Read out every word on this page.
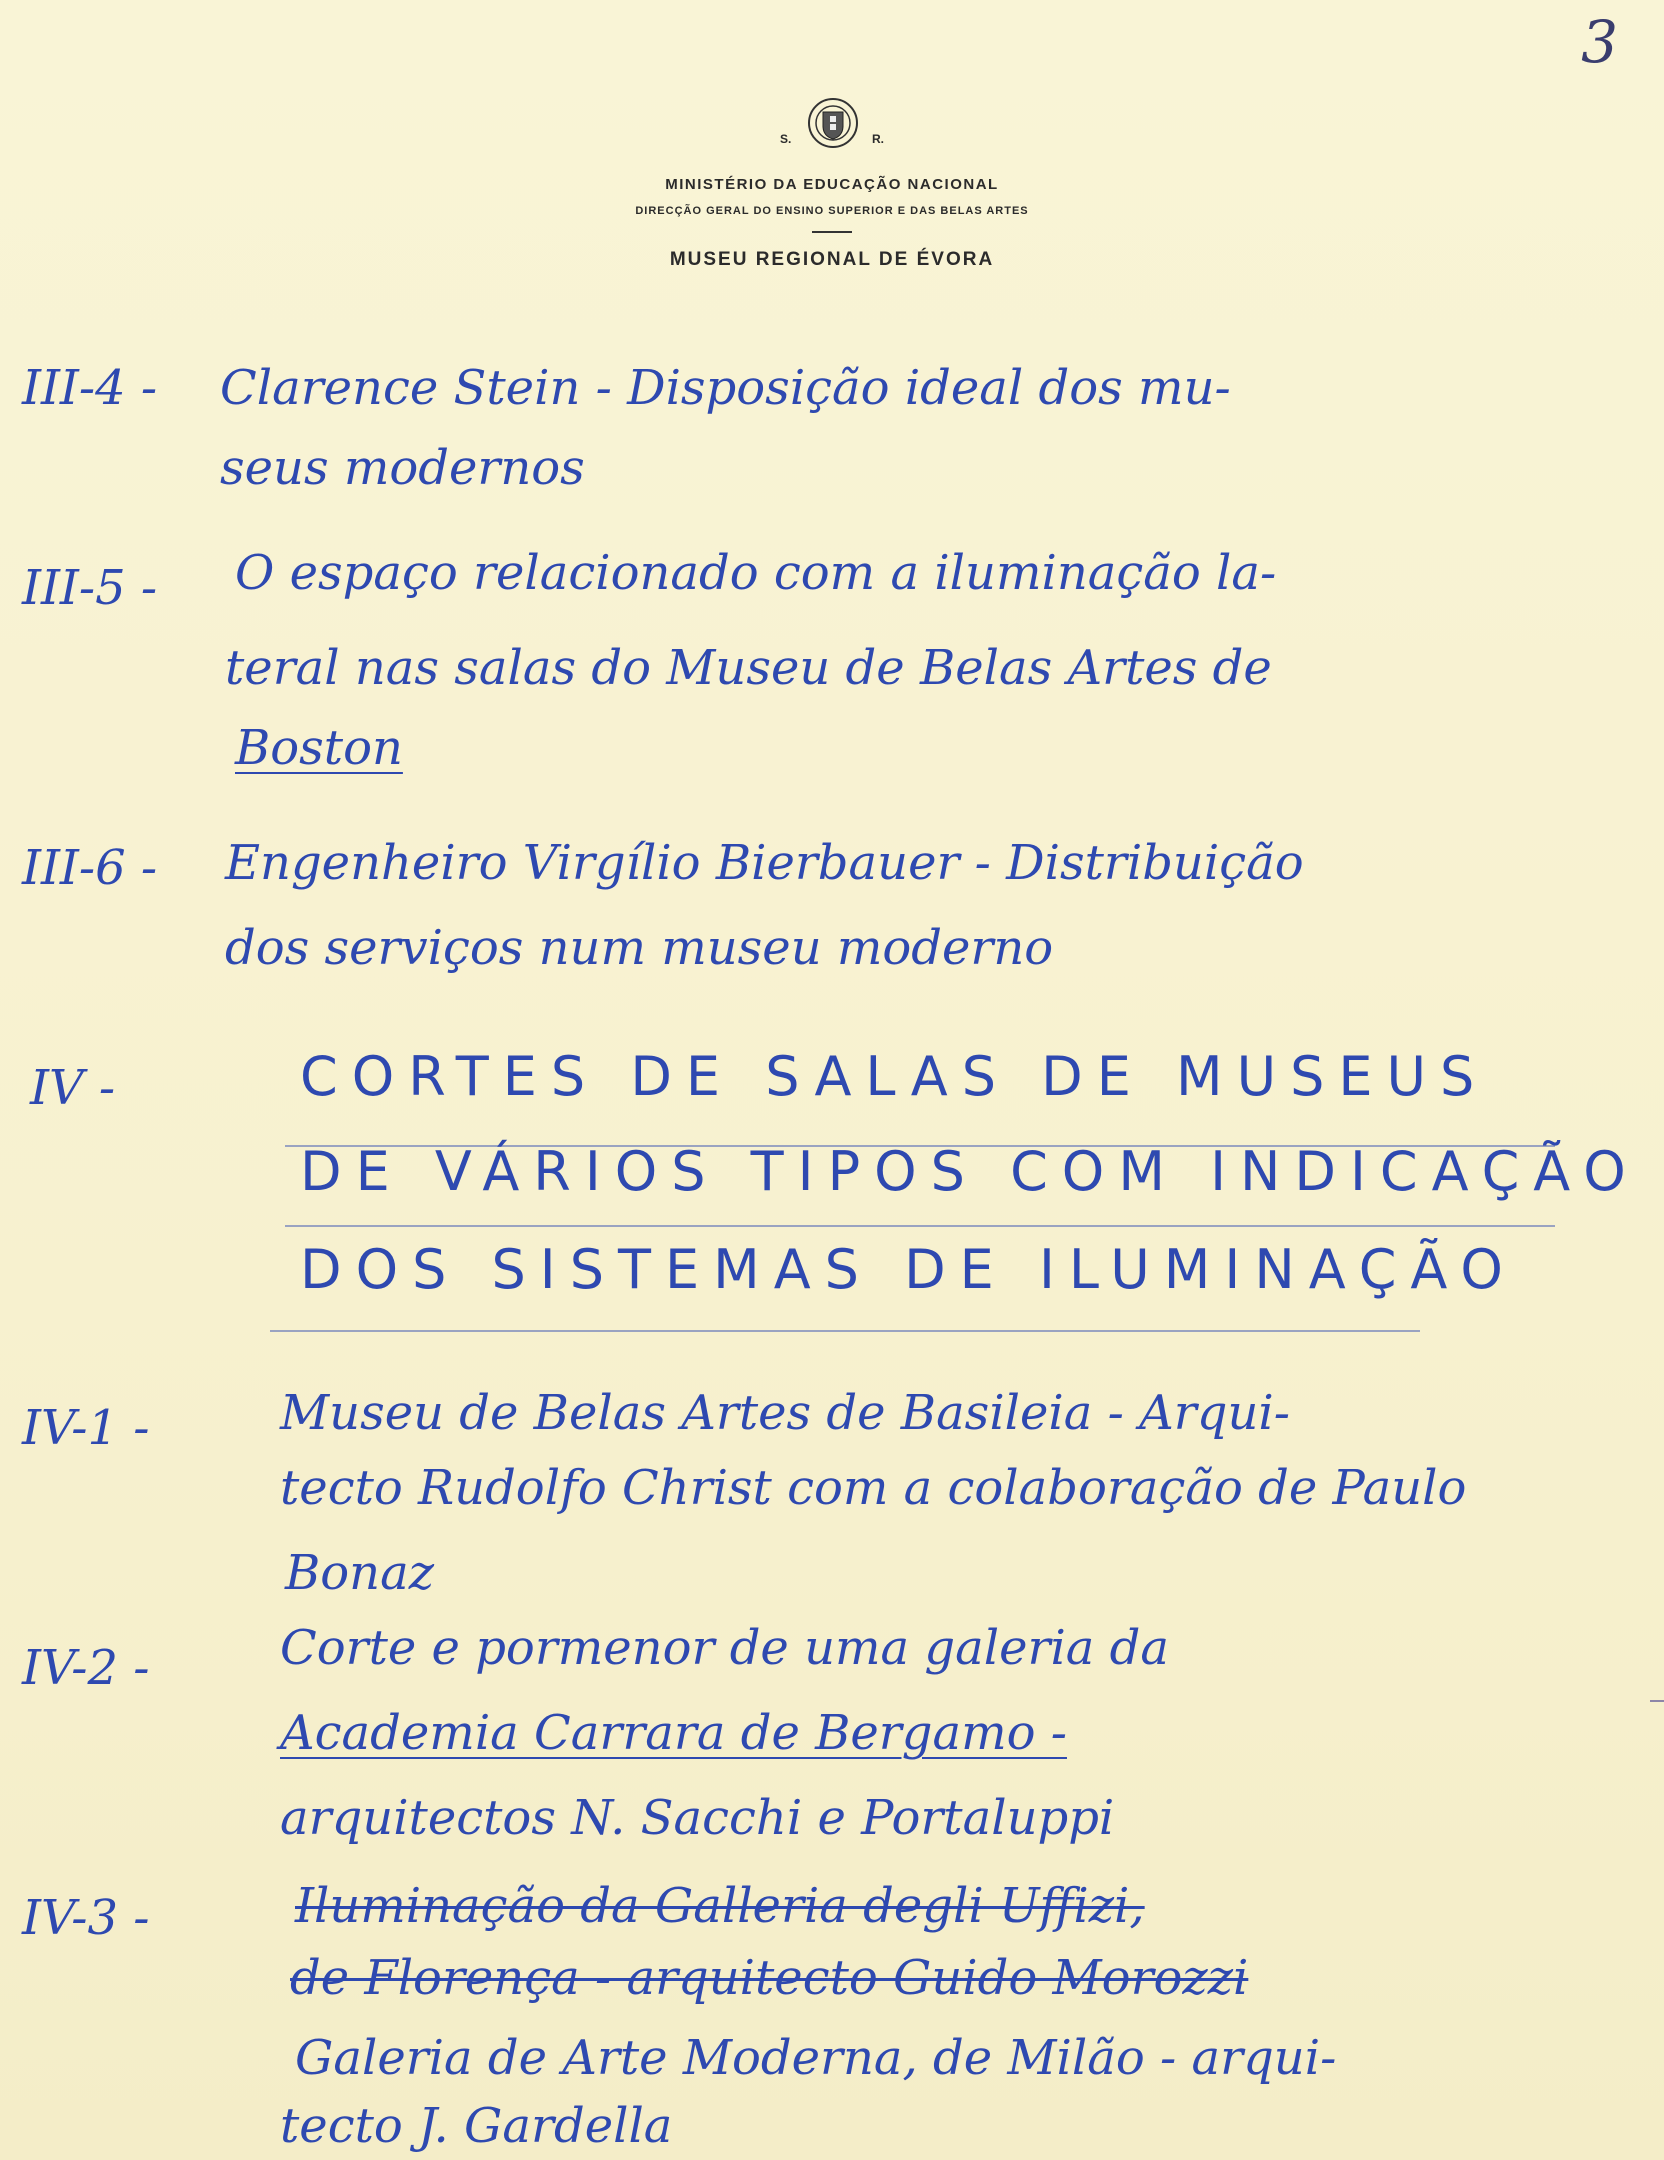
3
S.	R.
MINISTÉRIO DA EDUCAÇÃO NACIONAL
DIRECÇÃO GERAL DO ENSINO SUPERIOR E DAS BELAS ARTES
MUSEU REGIONAL DE ÉVORA
III-4 - Clarence Stein - Disposição ideal dos mu-
seus modernos
III-5 - O espaço relacionado com a iluminação la-
teral nas salas do Museu de Belas Artes de
Boston
III-6 - Engenheiro Virgílio Bierbauer - Distribuição
dos serviços num museu moderno
IV -	CORTES DE SALAS DE MUSEUS
DE VÁRIOS TIPOS COM INDICAÇÃO
DOS SISTEMAS DE ILUMINAÇÃO
IV-1 -	Museu de Belas Artes de Basileia - Arqui-
tecto Rudolfo Christ com a colaboração de Paulo
Bonaz
IV-2 -	Corte e pormenor de uma galeria da
Academia Carrara de Bergamo -
arquitectos N. Sacchi e Portaluppi
IV-3 -	Iluminação da Galleria degli Uffizi,
de Florença - arquitecto Guido Morozzi
Galeria de Arte Moderna, de Milão - arqui-
tecto J. Gardella
